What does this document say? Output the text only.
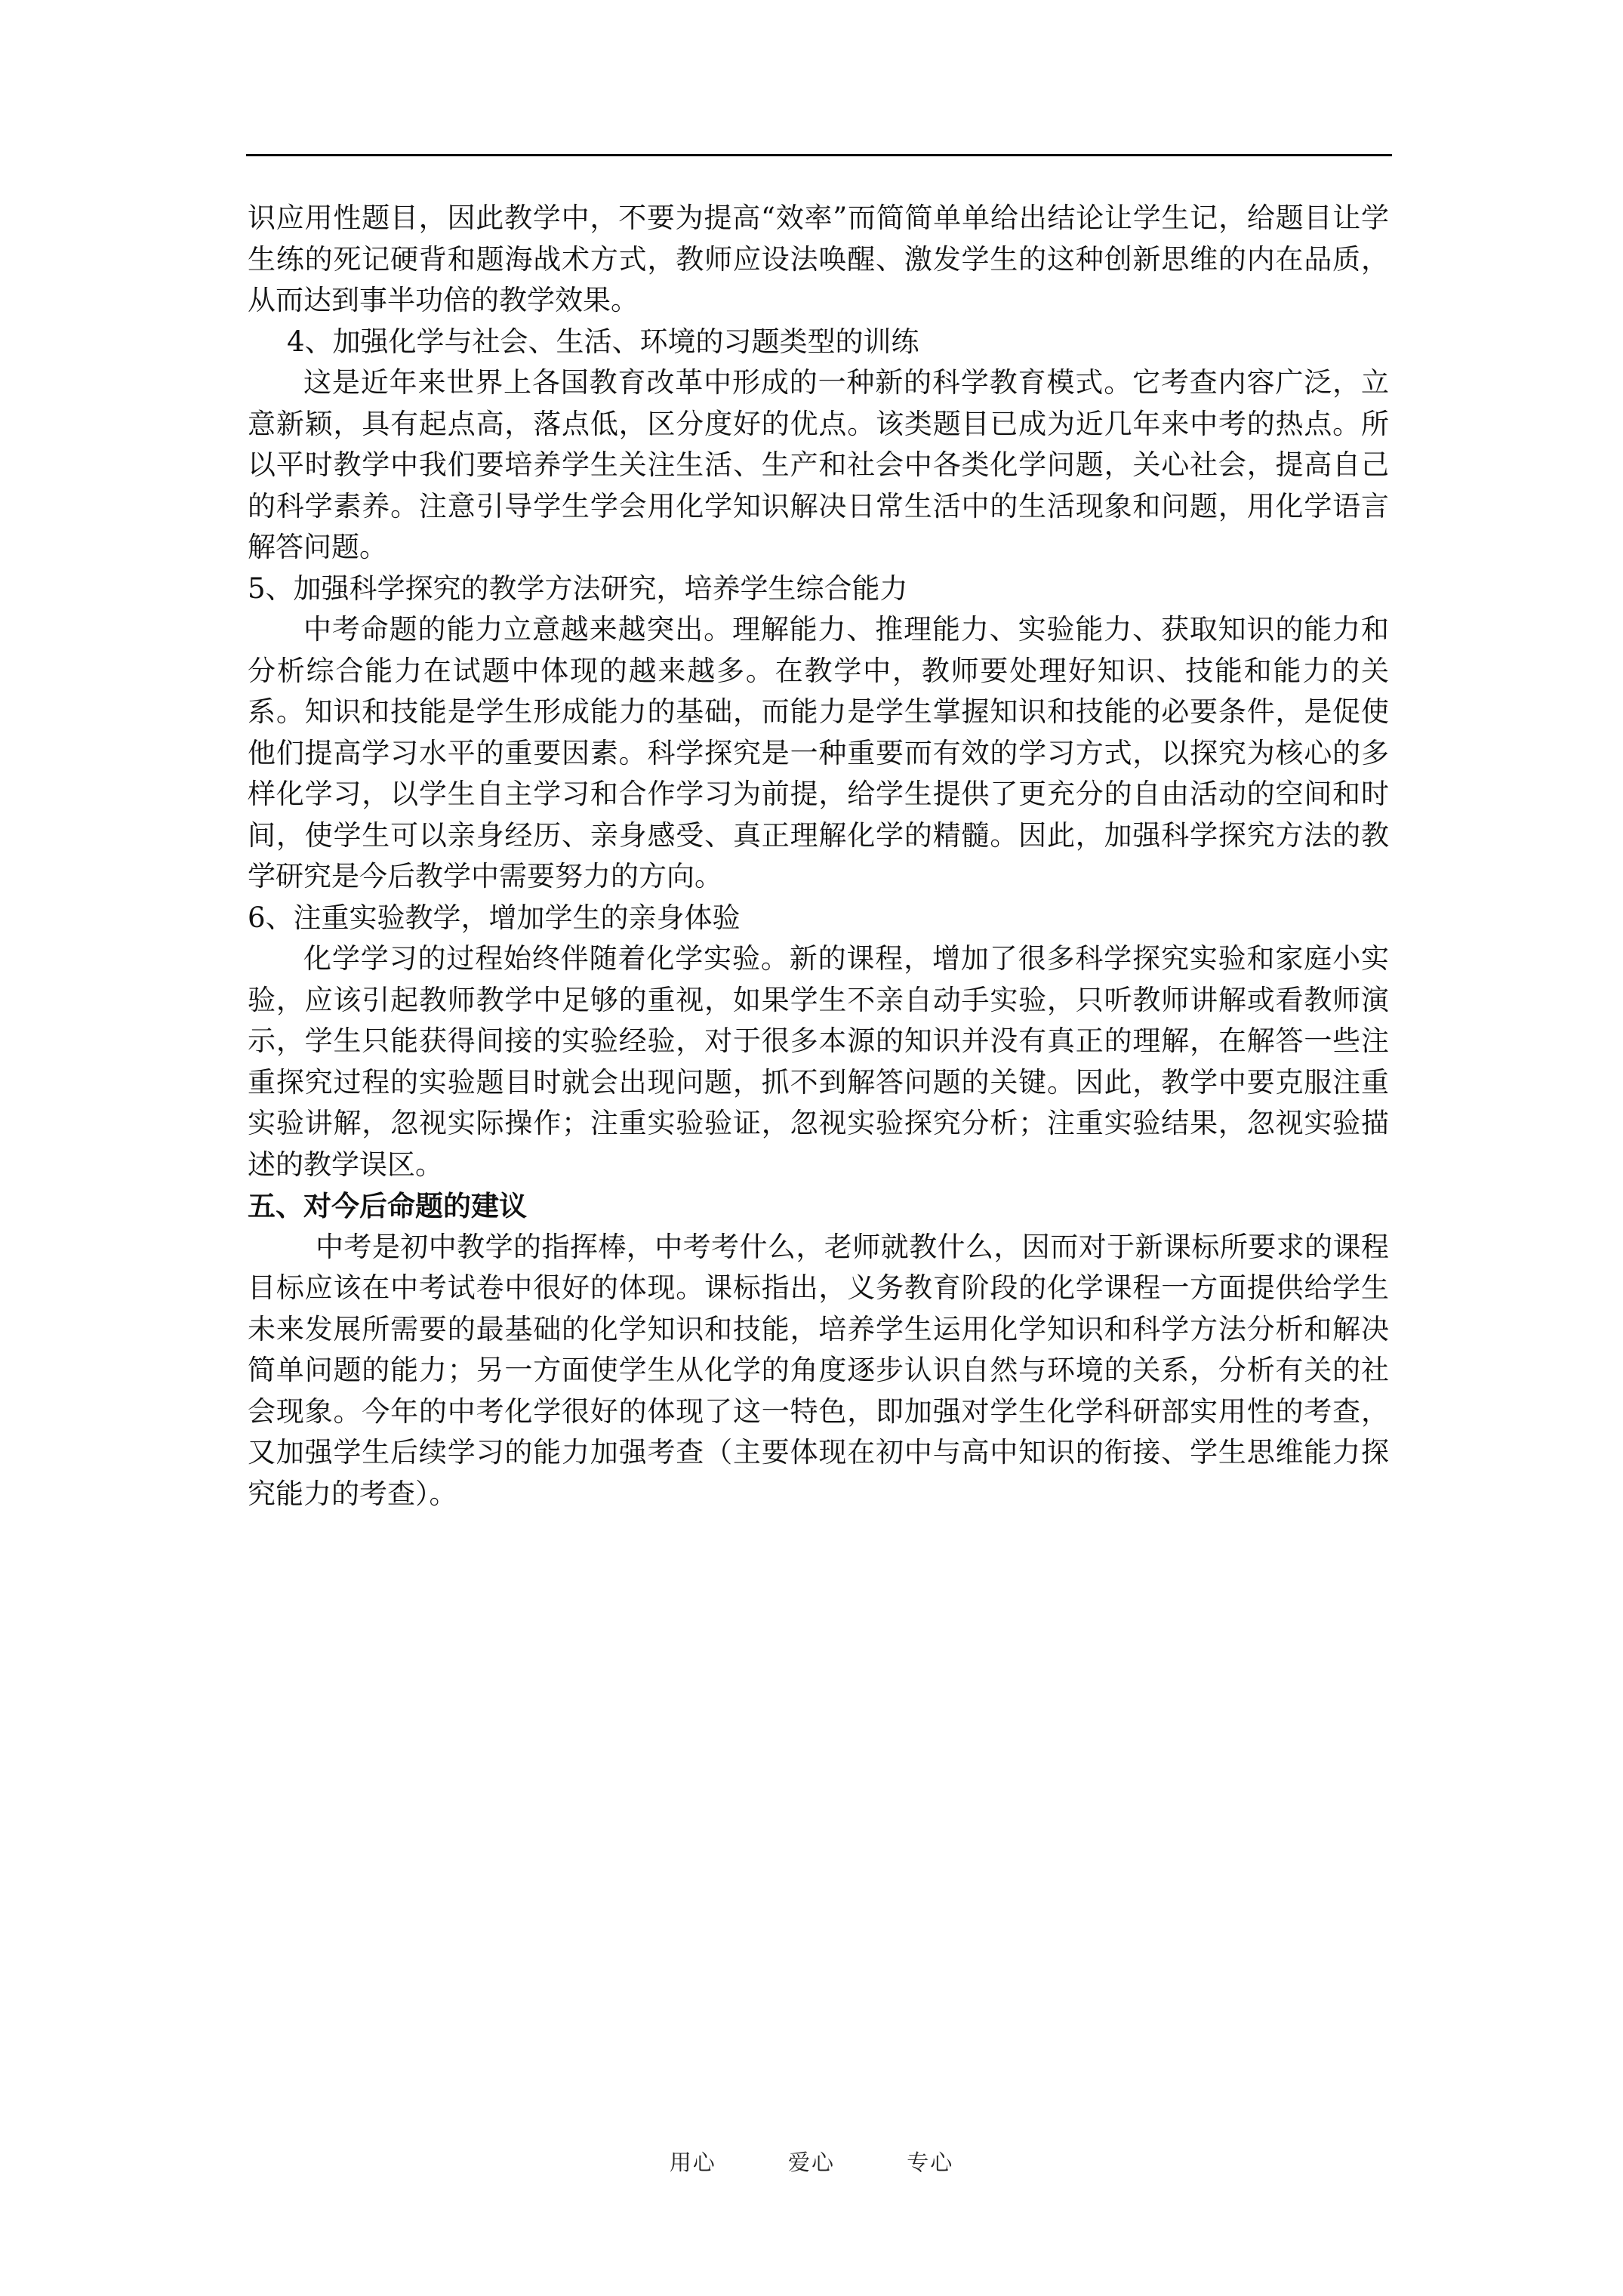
识应用性题目，因此教学中，不要为提高“效率”而简简单单给出结论让学生记，给题目让学生练的死记硬背和题海战术方式，教师应设法唤醒、激发学生的这种创新思维的内在品质，从而达到事半功倍的教学效果。

4、加强化学与社会、生活、环境的习题类型的训练

这是近年来世界上各国教育改革中形成的一种新的科学教育模式。它考查内容广泛，立意新颖，具有起点高，落点低，区分度好的优点。该类题目已成为近几年来中考的热点。所以平时教学中我们要培养学生关注生活、生产和社会中各类化学问题，关心社会，提高自己的科学素养。注意引导学生学会用化学知识解决日常生活中的生活现象和问题，用化学语言解答问题。

5、加强科学探究的教学方法研究，培养学生综合能力

中考命题的能力立意越来越突出。理解能力、推理能力、实验能力、获取知识的能力和分析综合能力在试题中体现的越来越多。在教学中，教师要处理好知识、技能和能力的关系。知识和技能是学生形成能力的基础，而能力是学生掌握知识和技能的必要条件，是促使他们提高学习水平的重要因素。科学探究是一种重要而有效的学习方式，以探究为核心的多样化学习，以学生自主学习和合作学习为前提，给学生提供了更充分的自由活动的空间和时间，使学生可以亲身经历、亲身感受、真正理解化学的精髓。因此，加强科学探究方法的教学研究是今后教学中需要努力的方向。

6、注重实验教学，增加学生的亲身体验

化学学习的过程始终伴随着化学实验。新的课程，增加了很多科学探究实验和家庭小实验，应该引起教师教学中足够的重视，如果学生不亲自动手实验，只听教师讲解或看教师演示，学生只能获得间接的实验经验，对于很多本源的知识并没有真正的理解，在解答一些注重探究过程的实验题目时就会出现问题，抓不到解答问题的关键。因此，教学中要克服注重实验讲解，忽视实际操作；注重实验验证，忽视实验探究分析；注重实验结果，忽视实验描述的教学误区。

五、对今后命题的建议

中考是初中教学的指挥棒，中考考什么，老师就教什么，因而对于新课标所要求的课程目标应该在中考试卷中很好的体现。课标指出，义务教育阶段的化学课程一方面提供给学生未来发展所需要的最基础的化学知识和技能，培养学生运用化学知识和科学方法分析和解决简单问题的能力；另一方面使学生从化学的角度逐步认识自然与环境的关系，分析有关的社会现象。今年的中考化学很好的体现了这一特色，即加强对学生化学科研部实用性的考查，又加强学生后续学习的能力加强考查（主要体现在初中与高中知识的衔接、学生思维能力探究能力的考查）。

用心	爱心	专心
